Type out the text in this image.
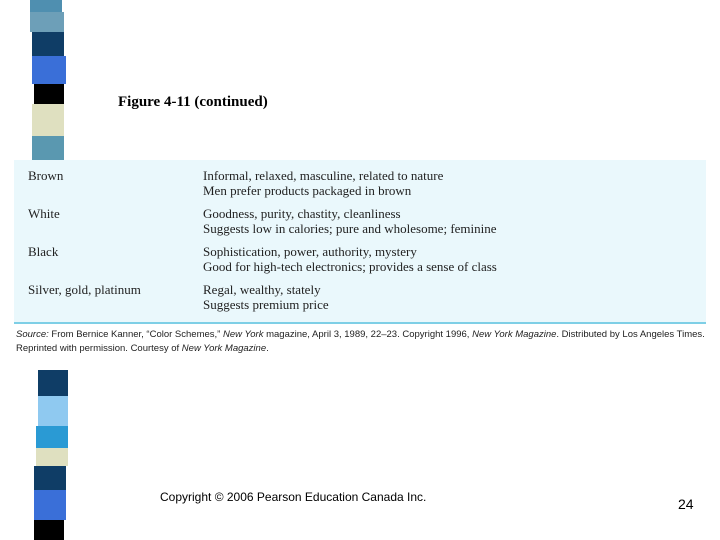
Figure 4-11 (continued)
Brown	Informal, relaxed, masculine, related to nature
Men prefer products packaged in brown
White	Goodness, purity, chastity, cleanliness
Suggests low in calories; pure and wholesome; feminine
Black	Sophistication, power, authority, mystery
Good for high-tech electronics; provides a sense of class
Silver, gold, platinum	Regal, wealthy, stately
Suggests premium price
Source: From Bernice Kanner, “Color Schemes,” New York magazine, April 3, 1989, 22–23. Copyright 1996, New York Magazine. Distributed by Los Angeles Times. Reprinted with permission. Courtesy of New York Magazine.
Copyright © 2006 Pearson Education Canada Inc.	24
